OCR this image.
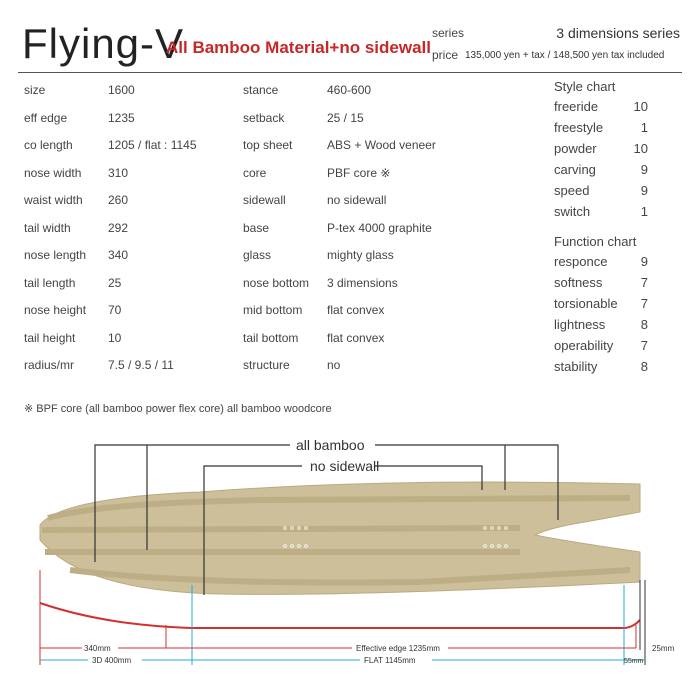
Flying-V
All Bamboo Material+no sidewall
series	3 dimensions series
price 135,000 yen + tax / 148,500 yen tax included
size	1600
eff edge	1235
co length	1205 / flat : 1145
nose width 310
waist width 260
tail width	292
nose length 340
tail length	25
nose height 70
tail height	10
radius/mr	7.5 / 9.5 / 11
stance	460-600
setback	25 / 15
top sheet	ABS + Wood veneer
core	PBF core ※
sidewall	no sidewall
base	P-tex 4000 graphite
glass	mighty glass
nose bottom 3 dimensions
mid bottom flat convex
tail bottom flat convex
structure	no
Style chart
freeride	10
freestyle	1
powder	10
carving	9
speed	9
switch	1
Function chart
responce	9
softness	7
torsionable	7
lightness	8
operability	7
stability	8
※ BPF core (all bamboo power flex core) all bamboo woodcore
all bamboo
no sidewall
340mm
3D 400mm
Effective edge 1235mm
FLAT 1145mm	55mm
25mm
